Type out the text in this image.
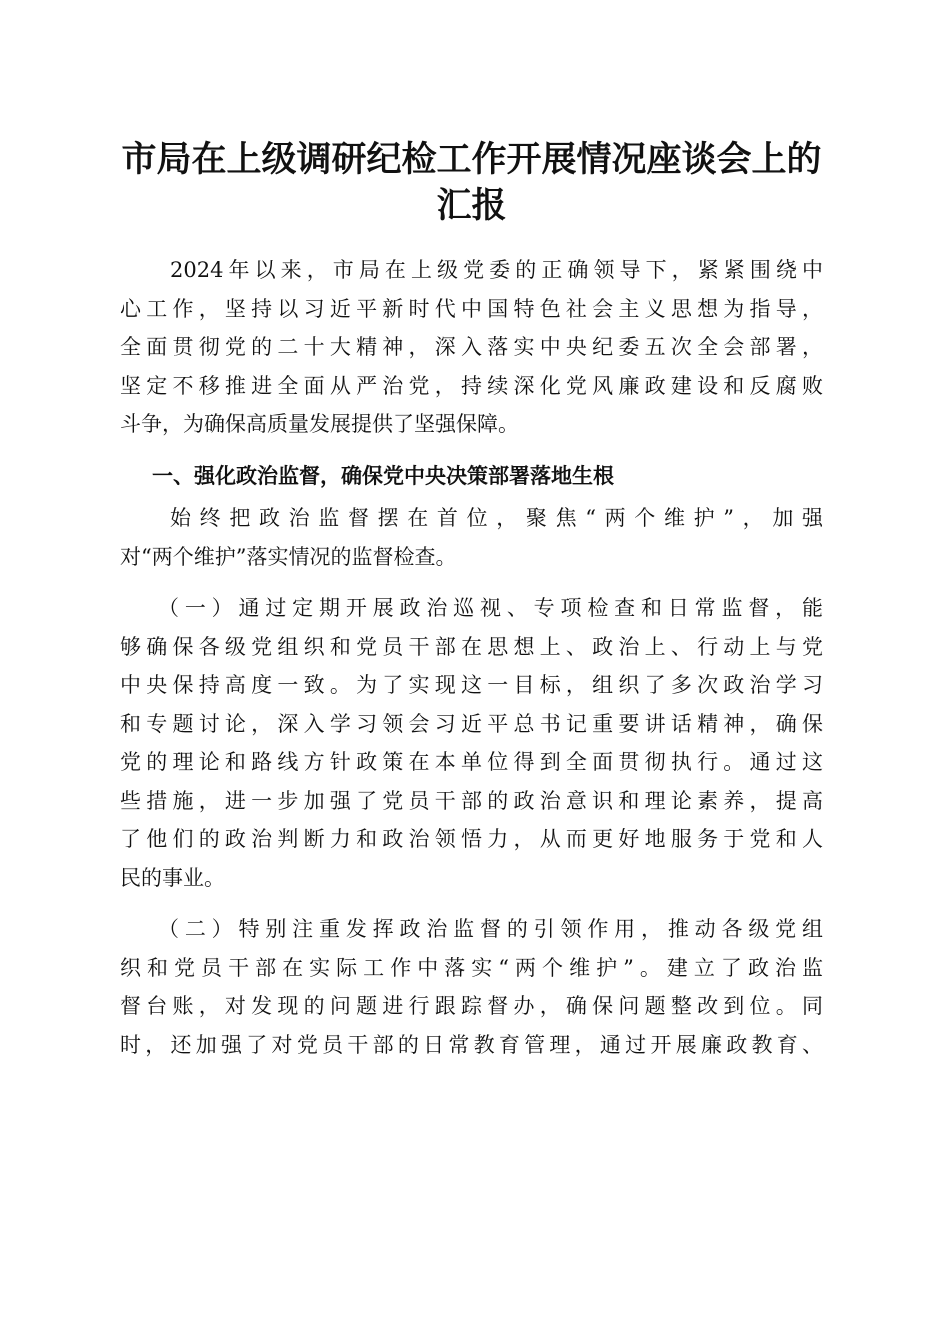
市局在上级调研纪检工作开展情况座谈会上的
汇报

2024年以来，市局在上级党委的正确领导下，紧紧围绕中
心工作，坚持以习近平新时代中国特色社会主义思想为指导，
全面贯彻党的二十大精神，深入落实中央纪委五次全会部署，
坚定不移推进全面从严治党，持续深化党风廉政建设和反腐败
斗争，为确保高质量发展提供了坚强保障。

一、强化政治监督，确保党中央决策部署落地生根

始终把政治监督摆在首位，聚焦“两个维护”，加强
对“两个维护”落实情况的监督检查。

（一）通过定期开展政治巡视、专项检查和日常监督，能
够确保各级党组织和党员干部在思想上、政治上、行动上与党
中央保持高度一致。为了实现这一目标，组织了多次政治学习
和专题讨论，深入学习领会习近平总书记重要讲话精神，确保
党的理论和路线方针政策在本单位得到全面贯彻执行。通过这
些措施，进一步加强了党员干部的政治意识和理论素养，提高
了他们的政治判断力和政治领悟力，从而更好地服务于党和人
民的事业。

（二）特别注重发挥政治监督的引领作用，推动各级党组
织和党员干部在实际工作中落实“两个维护”。建立了政治监
督台账，对发现的问题进行跟踪督办，确保问题整改到位。同
时，还加强了对党员干部的日常教育管理，通过开展廉政教育、
